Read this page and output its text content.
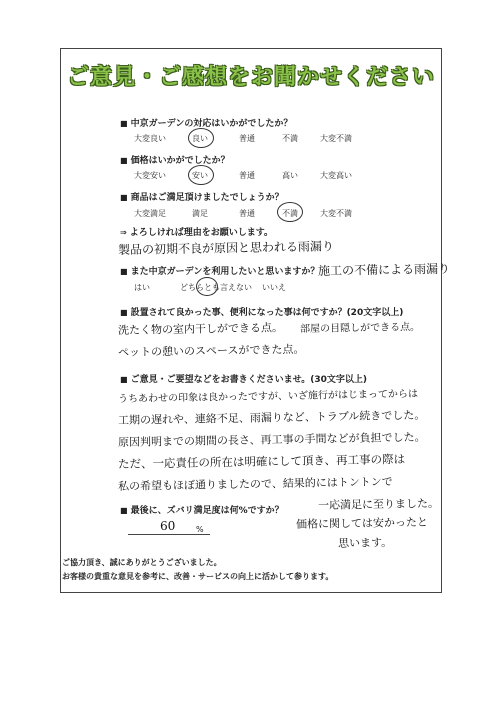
ご意見・ご感想をお聞かせください
■ 中京ガーデンの対応はいかがでしたか？
大変良い	良い	普通	不満	大変不満
■ 価格はいかがでしたか？
大変安い	安い	普通	高い	大変高い
■ 商品はご満足頂けましたでしょうか？
大変満足	満足	普通	不満	大変不満
⇒ よろしければ理由をお願いします。
製品の初期不良が原因と思われる雨漏り
施工の不備による雨漏り
■ また中京ガーデンを利用したいと思いますか？
はい	どちらとも言えない いいえ
■ 設置されて良かった事、便利になった事は何ですか？(20文字以上)
洗たく物の室内干しができる点。 部屋の目隠しができる点。
ペットの憩いのスペースができた点。
■ ご意見・ご要望などをお書きくださいませ。(30文字以上)
うちあわせの印象は良かったですが、いざ施行がはじまってからは
工期の遅れや、連絡不足、雨漏りなど、トラブル続きでした。
原因判明までの期間の長さ、再工事の手間などが負担でした。
ただ、一応責任の所在は明確にして頂き、再工事の際は
私の希望もほぼ通りましたので、結果的にはトントンで
一応満足に至りました。
価格に関しては安かったと
思います。
■ 最後に、ズバリ満足度は何%ですか？
60	%
ご協力頂き、誠にありがとうございました。
お客様の貴重な意見を参考に、改善・サービスの向上に活かして参ります。
